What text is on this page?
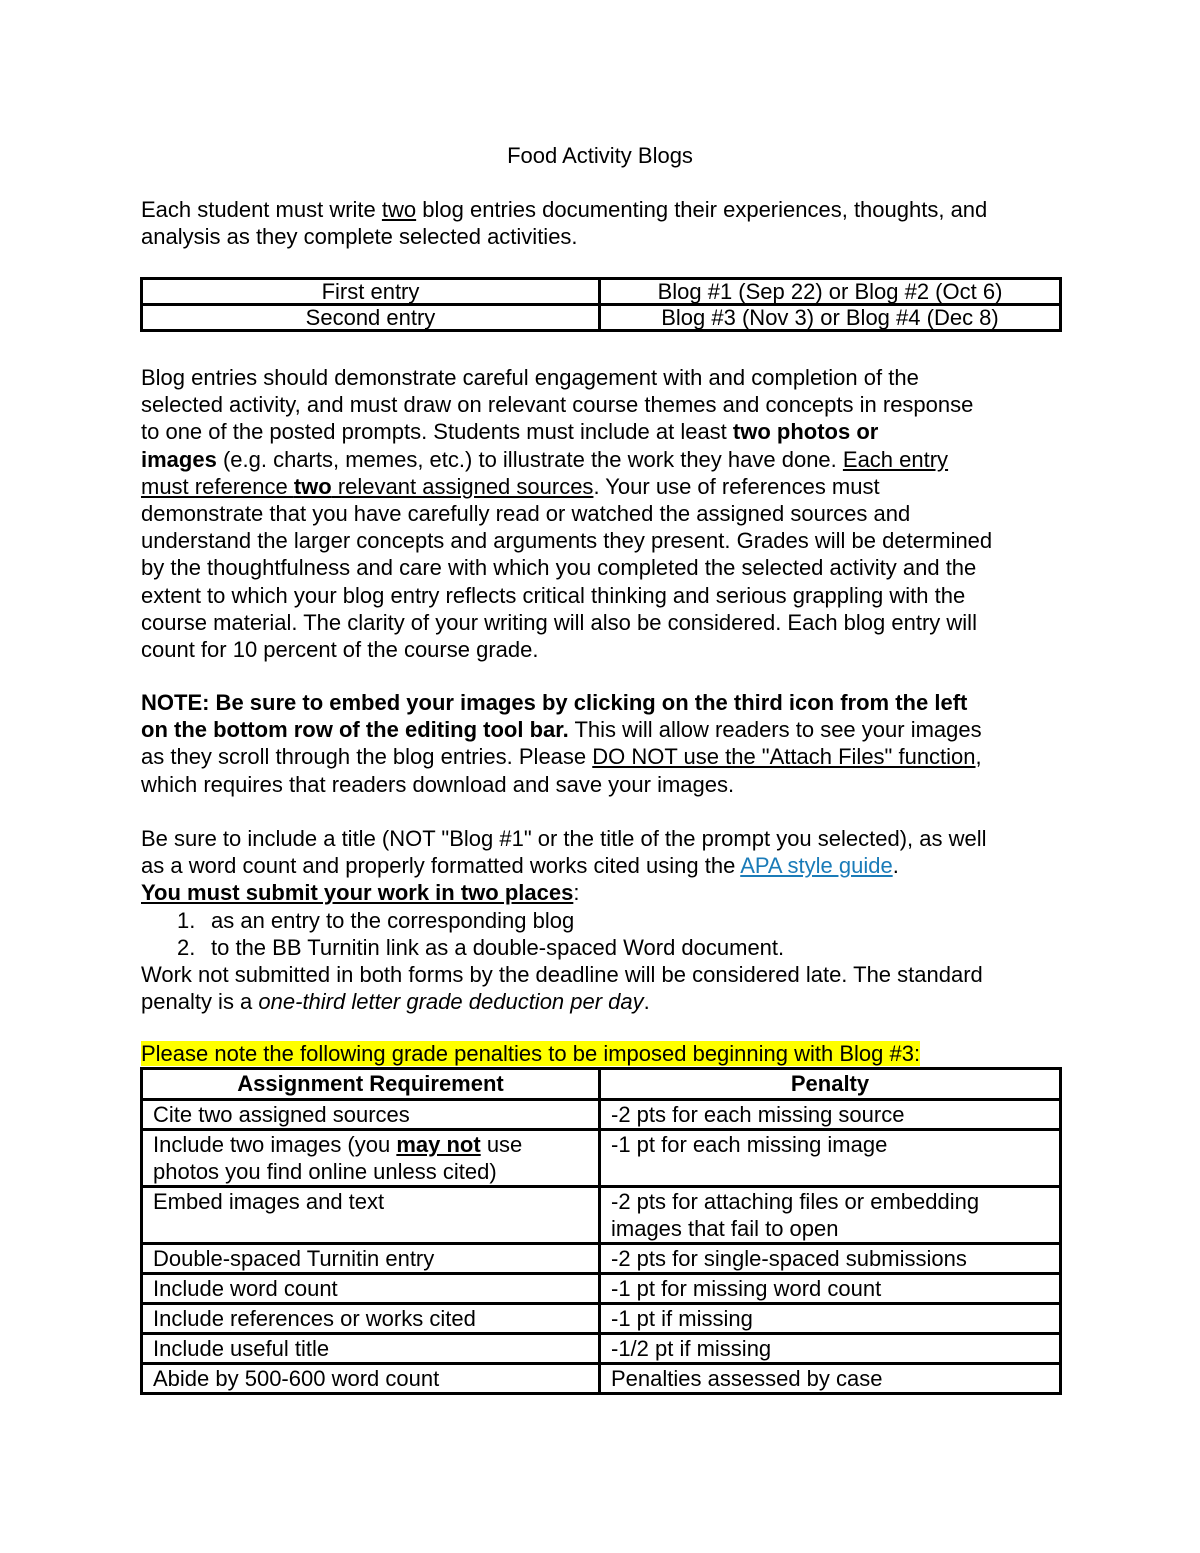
Food Activity Blogs
Each student must write two blog entries documenting their experiences, thoughts, and
analysis as they complete selected activities.
First entry	Blog #1 (Sep 22) or Blog #2 (Oct 6)
Second entry	Blog #3 (Nov 3) or Blog #4 (Dec 8)
Blog entries should demonstrate careful engagement with and completion of the
selected activity, and must draw on relevant course themes and concepts in response
to one of the posted prompts. Students must include at least two photos or
images (e.g. charts, memes, etc.) to illustrate the work they have done. Each entry
must reference two relevant assigned sources. Your use of references must
demonstrate that you have carefully read or watched the assigned sources and
understand the larger concepts and arguments they present. Grades will be determined
by the thoughtfulness and care with which you completed the selected activity and the
extent to which your blog entry reflects critical thinking and serious grappling with the
course material. The clarity of your writing will also be considered. Each blog entry will
count for 10 percent of the course grade.
NOTE: Be sure to embed your images by clicking on the third icon from the left
on the bottom row of the editing tool bar. This will allow readers to see your images
as they scroll through the blog entries. Please DO NOT use the "Attach Files" function,
which requires that readers download and save your images.
Be sure to include a title (NOT "Blog #1" or the title of the prompt you selected), as well
as a word count and properly formatted works cited using the APA style guide.
You must submit your work in two places:
1. as an entry to the corresponding blog
2. to the BB Turnitin link as a double-spaced Word document.
Work not submitted in both forms by the deadline will be considered late. The standard
penalty is a one-third letter grade deduction per day.
Please note the following grade penalties to be imposed beginning with Blog #3:
Assignment Requirement	Penalty
Cite two assigned sources	-2 pts for each missing source

Include two images (you may not use
photos you find online unless cited)	-1 pt for each missing image
Embed images and text	-2 pts for attaching files or embedding
images that fail to open

Double-spaced Turnitin entry	-2 pts for single-spaced submissions
Include word count	-1 pt for missing word count
Include references or works cited	-1 pt if missing
Include useful title	-1/2 pt if missing
Abide by 500-600 word count	Penalties assessed by case
